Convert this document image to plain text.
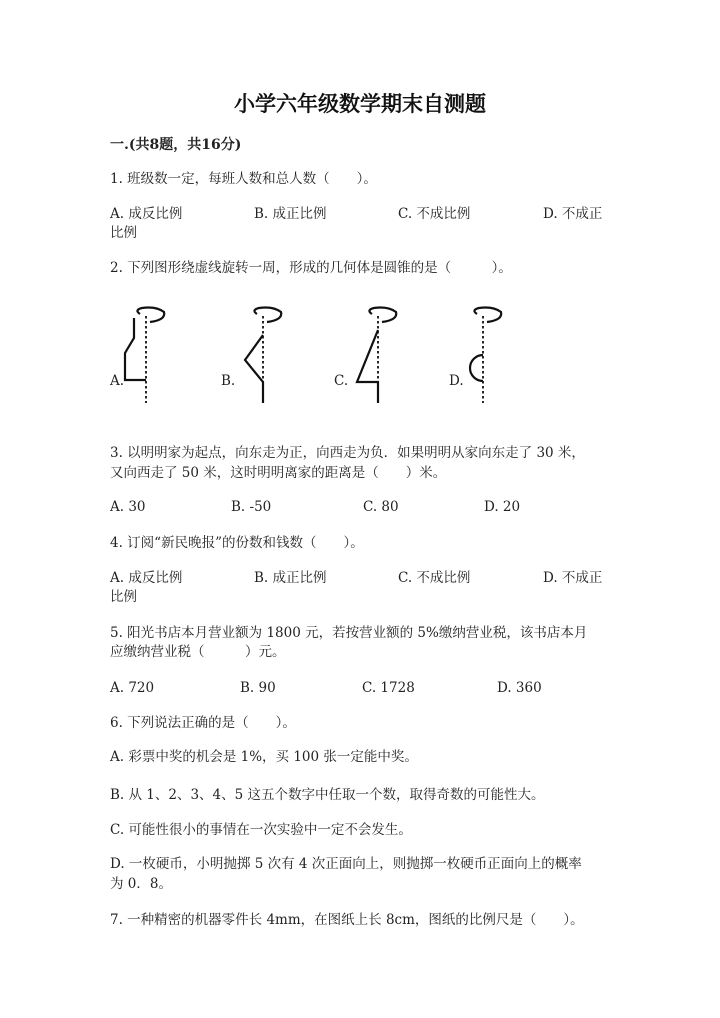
小学六年级数学期末自测题
一.(共8题，共16分)
1. 班级数一定，每班人数和总人数（　　）。
A. 成反比例	B. 成正比例	C. 不成比例	D. 不成正
比例
2. 下列图形绕虚线旋转一周，形成的几何体是圆锥的是（　　　）。
A.	B.	C.	D.
3. 以明明家为起点，向东走为正，向西走为负．如果明明从家向东走了 30 米，
又向西走了 50 米，这时明明离家的距离是（　　）米。
A. 30	B. -50	C. 80	D. 20
4. 订阅“新民晚报”的份数和钱数（　　）。
A. 成反比例	B. 成正比例	C. 不成比例	D. 不成正
比例
5. 阳光书店本月营业额为 1800 元，若按营业额的 5%缴纳营业税，该书店本月
应缴纳营业税（　　　）元。
A. 720	B. 90	C. 1728	D. 360
6. 下列说法正确的是（　　）。
A. 彩票中奖的机会是 1%，买 100 张一定能中奖。
B. 从 1、2、3、4、5 这五个数字中任取一个数，取得奇数的可能性大。
C. 可能性很小的事情在一次实验中一定不会发生。
D. 一枚硬币，小明抛掷 5 次有 4 次正面向上，则抛掷一枚硬币正面向上的概率
为 0．8。
7. 一种精密的机器零件长 4mm，在图纸上长 8cm，图纸的比例尺是（　　）。
